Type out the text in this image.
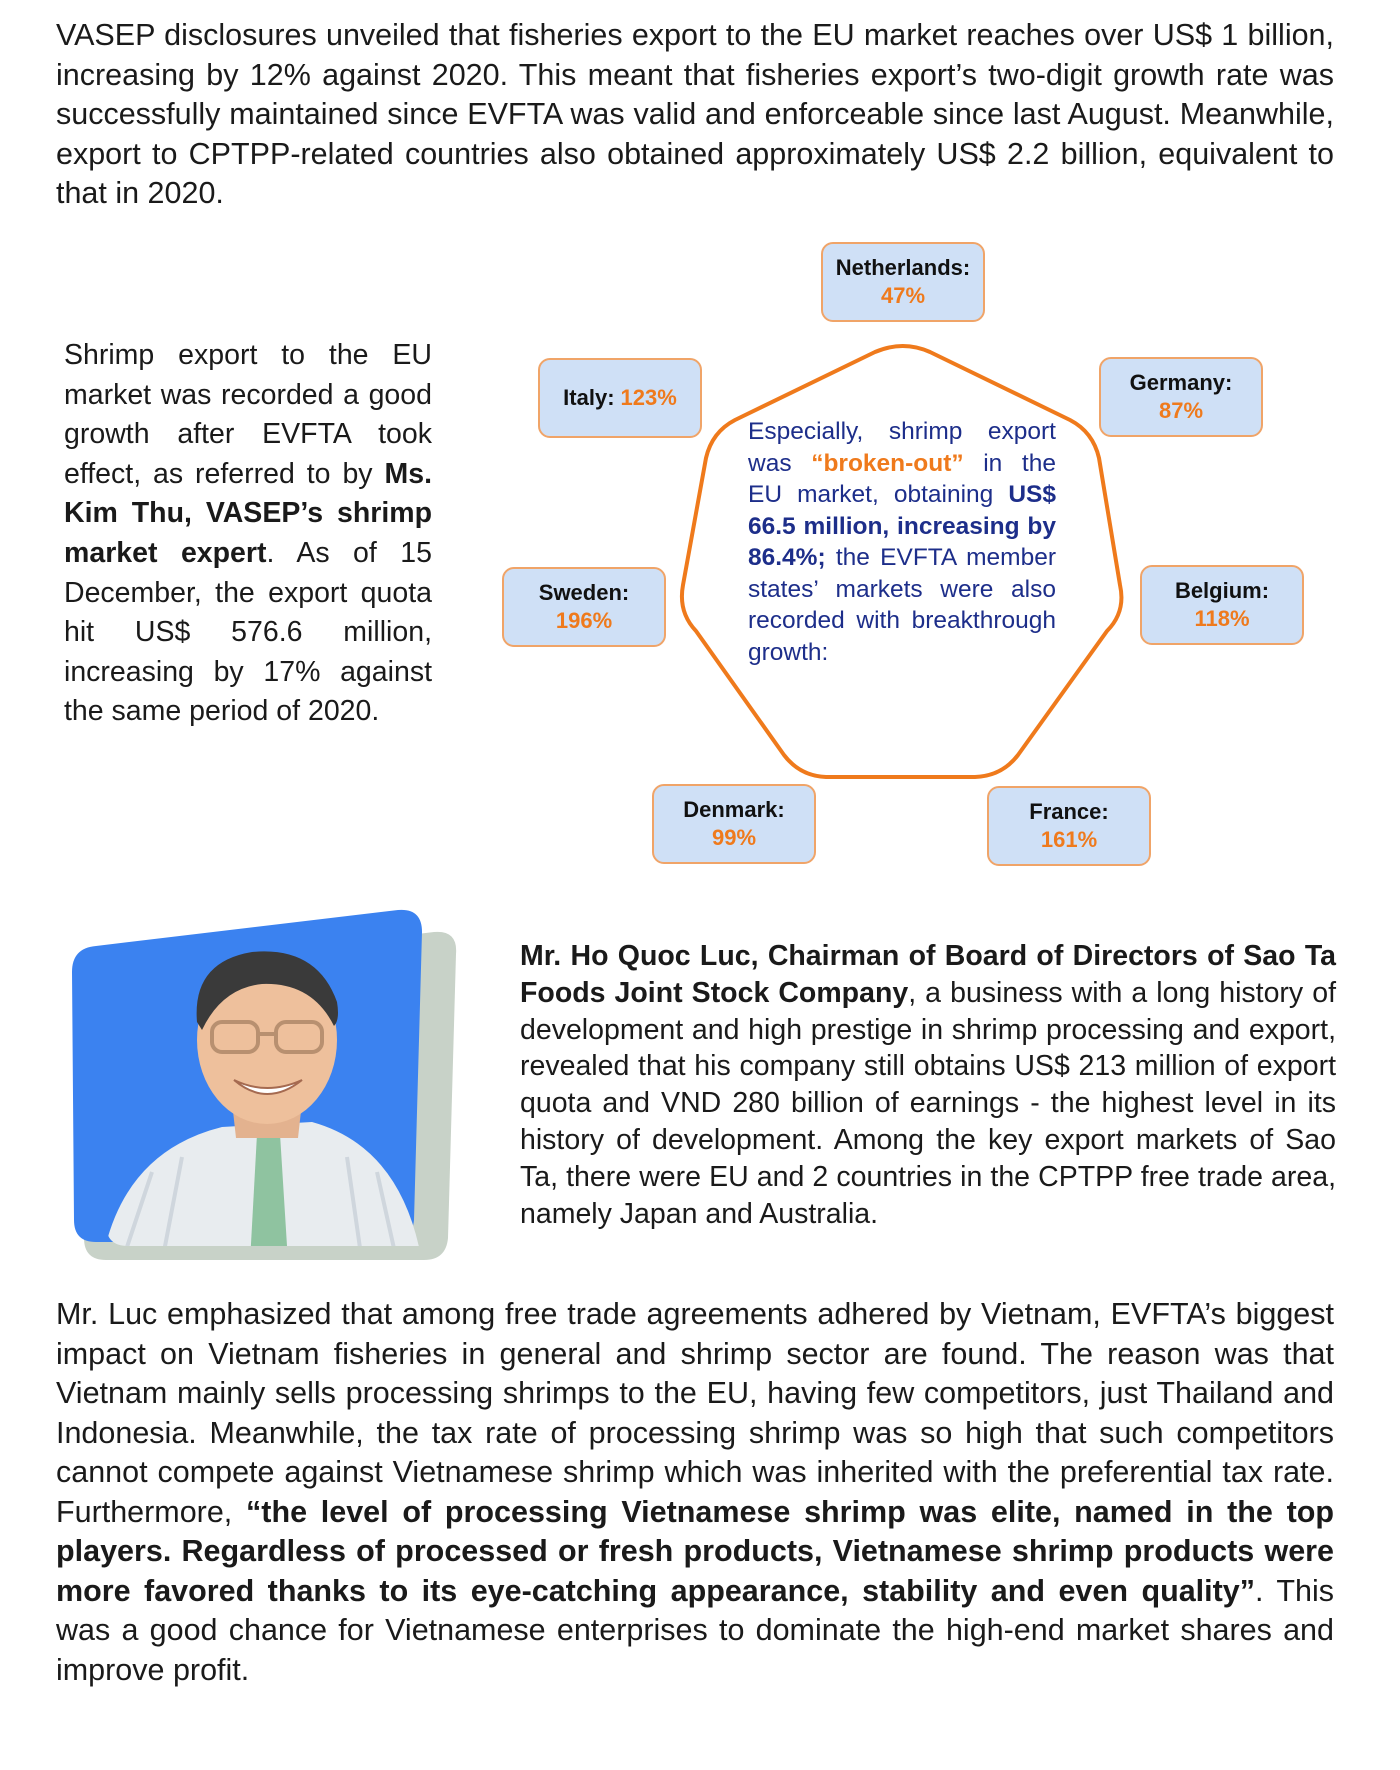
VASEP disclosures unveiled that fisheries export to the EU market reaches over US$ 1 billion, increasing by 12% against 2020. This meant that fisheries export’s two-digit growth rate was successfully maintained since EVFTA was valid and enforceable since last August. Meanwhile, export to CPTPP-related countries also obtained approximately US$ 2.2 billion, equivalent to that in 2020.

Shrimp export to the EU market was recorded a good growth after EVFTA took effect, as referred to by Ms. Kim Thu, VASEP’s shrimp market expert. As of 15 December, the export quota hit US$ 576.6 million, increasing by 17% against the same period of 2020.

Especially, shrimp export was “broken-out” in the EU market, obtaining US$ 66.5 million, increasing by 86.4%; the EVFTA member states’ markets were also recorded with breakthrough growth:

Netherlands:
47%
Germany:
87%
Belgium:
118%
France:
161%
Denmark:
99%
Sweden:
196%
Italy: 123%

Mr. Ho Quoc Luc, Chairman of Board of Directors of Sao Ta Foods Joint Stock Company, a business with a long history of development and high prestige in shrimp processing and export, revealed that his company still obtains US$ 213 million of export quota and VND 280 billion of earnings - the highest level in its history of development. Among the key export markets of Sao Ta, there were EU and 2 countries in the CPTPP free trade area, namely Japan and Australia.

Mr. Luc emphasized that among free trade agreements adhered by Vietnam, EVFTA’s biggest impact on Vietnam fisheries in general and shrimp sector are found. The reason was that Vietnam mainly sells processing shrimps to the EU, having few competitors, just Thailand and Indonesia. Meanwhile, the tax rate of processing shrimp was so high that such competitors cannot compete against Vietnamese shrimp which was inherited with the preferential tax rate. Furthermore, “the level of processing Vietnamese shrimp was elite, named in the top players. Regardless of processed or fresh products, Vietnamese shrimp products were more favored thanks to its eye-catching appearance, stability and even quality”. This was a good chance for Vietnamese enterprises to dominate the high-end market shares and improve profit.
